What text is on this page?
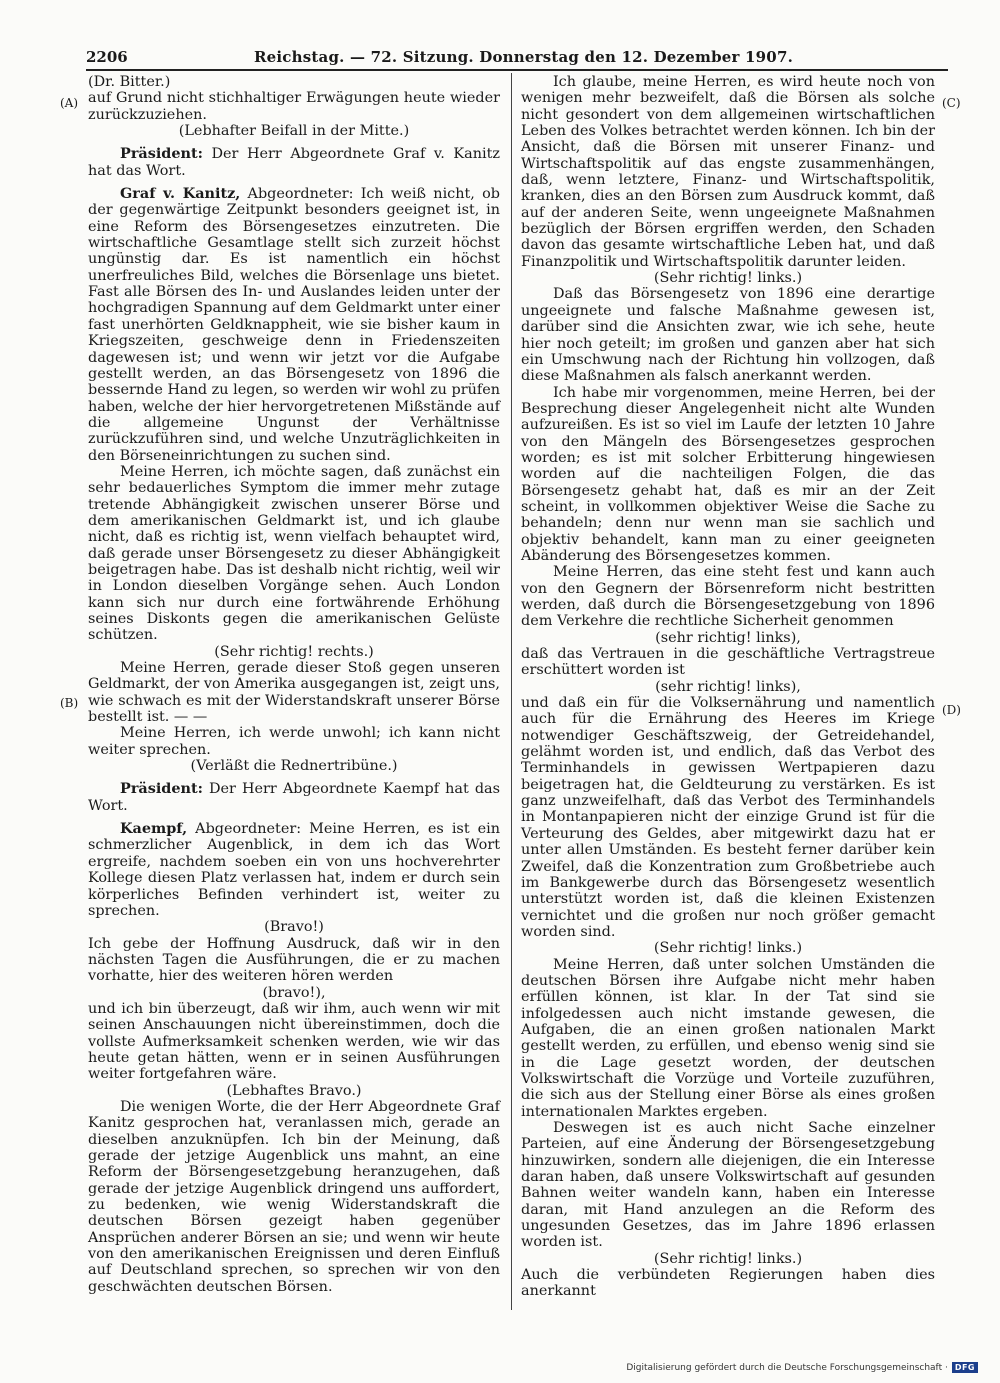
2206	Reichstag. — 72. Sitzung. Donnerstag den 12. Dezember 1907.
(A)
(B)
(C)
(D)

(Dr. Bitter.)

auf Grund nicht stichhaltiger Erwägungen heute wieder zurückzuziehen.

(Lebhafter Beifall in der Mitte.)

Präsident: Der Herr Abgeordnete Graf v. Kanitz hat das Wort.

Graf v. Kanitz, Abgeordneter: Ich weiß nicht, ob der gegenwärtige Zeitpunkt besonders geeignet ist, in eine Reform des Börsengesetzes einzutreten. Die wirtschaftliche Gesamtlage stellt sich zurzeit höchst ungünstig dar. Es ist namentlich ein höchst unerfreuliches Bild, welches die Börsenlage uns bietet. Fast alle Börsen des In- und Auslandes leiden unter der hochgradigen Spannung auf dem Geldmarkt unter einer fast unerhörten Geldknappheit, wie sie bisher kaum in Kriegszeiten, geschweige denn in Friedenszeiten dagewesen ist; und wenn wir jetzt vor die Aufgabe gestellt werden, an das Börsengesetz von 1896 die bessernde Hand zu legen, so werden wir wohl zu prüfen haben, welche der hier hervorgetretenen Mißstände auf die allgemeine Ungunst der Verhältnisse zurückzuführen sind, und welche Unzuträglichkeiten in den Börseneinrichtungen zu suchen sind.

Meine Herren, ich möchte sagen, daß zunächst ein sehr bedauerliches Symptom die immer mehr zutage tretende Abhängigkeit zwischen unserer Börse und dem amerikanischen Geldmarkt ist, und ich glaube nicht, daß es richtig ist, wenn vielfach behauptet wird, daß gerade unser Börsengesetz zu dieser Abhängigkeit beigetragen habe. Das ist deshalb nicht richtig, weil wir in London dieselben Vorgänge sehen. Auch London kann sich nur durch eine fortwährende Erhöhung seines Diskonts gegen die amerikanischen Gelüste schützen.

(Sehr richtig! rechts.)

Meine Herren, gerade dieser Stoß gegen unseren Geldmarkt, der von Amerika ausgegangen ist, zeigt uns, wie schwach es mit der Widerstandskraft unserer Börse bestellt ist. — —

Meine Herren, ich werde unwohl; ich kann nicht weiter sprechen.

(Verläßt die Rednertribüne.)

Präsident: Der Herr Abgeordnete Kaempf hat das Wort.

Kaempf, Abgeordneter: Meine Herren, es ist ein schmerzlicher Augenblick, in dem ich das Wort ergreife, nachdem soeben ein von uns hochverehrter Kollege diesen Platz verlassen hat, indem er durch sein körperliches Befinden verhindert ist, weiter zu sprechen.

(Bravo!)

Ich gebe der Hoffnung Ausdruck, daß wir in den nächsten Tagen die Ausführungen, die er zu machen vorhatte, hier des weiteren hören werden

(bravo!),

und ich bin überzeugt, daß wir ihm, auch wenn wir mit seinen Anschauungen nicht übereinstimmen, doch die vollste Aufmerksamkeit schenken werden, wie wir das heute getan hätten, wenn er in seinen Ausführungen weiter fortgefahren wäre.

(Lebhaftes Bravo.)

Die wenigen Worte, die der Herr Abgeordnete Graf Kanitz gesprochen hat, veranlassen mich, gerade an dieselben anzuknüpfen. Ich bin der Meinung, daß gerade der jetzige Augenblick uns mahnt, an eine Reform der Börsengesetzgebung heranzugehen, daß gerade der jetzige Augenblick dringend uns auffordert, zu bedenken, wie wenig Widerstandskraft die deutschen Börsen gezeigt haben gegenüber Ansprüchen anderer Börsen an sie; und wenn wir heute von den amerikanischen Ereignissen und deren Einfluß auf Deutschland sprechen, so sprechen wir von den geschwächten deutschen Börsen.

Ich glaube, meine Herren, es wird heute noch von wenigen mehr bezweifelt, daß die Börsen als solche nicht gesondert von dem allgemeinen wirtschaftlichen Leben des Volkes betrachtet werden können. Ich bin der Ansicht, daß die Börsen mit unserer Finanz- und Wirtschaftspolitik auf das engste zusammenhängen, daß, wenn letztere, Finanz- und Wirtschaftspolitik, kranken, dies an den Börsen zum Ausdruck kommt, daß auf der anderen Seite, wenn ungeeignete Maßnahmen bezüglich der Börsen ergriffen werden, den Schaden davon das gesamte wirtschaftliche Leben hat, und daß Finanzpolitik und Wirtschaftspolitik darunter leiden.

(Sehr richtig! links.)

Daß das Börsengesetz von 1896 eine derartige ungeeignete und falsche Maßnahme gewesen ist, darüber sind die Ansichten zwar, wie ich sehe, heute hier noch geteilt; im großen und ganzen aber hat sich ein Umschwung nach der Richtung hin vollzogen, daß diese Maßnahmen als falsch anerkannt werden.

Ich habe mir vorgenommen, meine Herren, bei der Besprechung dieser Angelegenheit nicht alte Wunden aufzureißen. Es ist so viel im Laufe der letzten 10 Jahre von den Mängeln des Börsengesetzes gesprochen worden; es ist mit solcher Erbitterung hingewiesen worden auf die nachteiligen Folgen, die das Börsengesetz gehabt hat, daß es mir an der Zeit scheint, in vollkommen objektiver Weise die Sache zu behandeln; denn nur wenn man sie sachlich und objektiv behandelt, kann man zu einer geeigneten Abänderung des Börsengesetzes kommen.

Meine Herren, das eine steht fest und kann auch von den Gegnern der Börsenreform nicht bestritten werden, daß durch die Börsengesetzgebung von 1896 dem Verkehre die rechtliche Sicherheit genommen

(sehr richtig! links),

daß das Vertrauen in die geschäftliche Vertragstreue erschüttert worden ist

(sehr richtig! links),

und daß ein für die Volksernährung und namentlich auch für die Ernährung des Heeres im Kriege notwendiger Geschäftszweig, der Getreidehandel, gelähmt worden ist, und endlich, daß das Verbot des Terminhandels in gewissen Wertpapieren dazu beigetragen hat, die Geldteurung zu verstärken. Es ist ganz unzweifelhaft, daß das Verbot des Terminhandels in Montanpapieren nicht der einzige Grund ist für die Verteurung des Geldes, aber mitgewirkt dazu hat er unter allen Umständen. Es besteht ferner darüber kein Zweifel, daß die Konzentration zum Großbetriebe auch im Bankgewerbe durch das Börsengesetz wesentlich unterstützt worden ist, daß die kleinen Existenzen vernichtet und die großen nur noch größer gemacht worden sind.

(Sehr richtig! links.)

Meine Herren, daß unter solchen Umständen die deutschen Börsen ihre Aufgabe nicht mehr haben erfüllen können, ist klar. In der Tat sind sie infolgedessen auch nicht imstande gewesen, die Aufgaben, die an einen großen nationalen Markt gestellt werden, zu erfüllen, und ebenso wenig sind sie in die Lage gesetzt worden, der deutschen Volkswirtschaft die Vorzüge und Vorteile zuzuführen, die sich aus der Stellung einer Börse als eines großen internationalen Marktes ergeben.

Deswegen ist es auch nicht Sache einzelner Parteien, auf eine Änderung der Börsengesetzgebung hinzuwirken, sondern alle diejenigen, die ein Interesse daran haben, daß unsere Volkswirtschaft auf gesunden Bahnen weiter wandeln kann, haben ein Interesse daran, mit Hand anzulegen an die Reform des ungesunden Gesetzes, das im Jahre 1896 erlassen worden ist.

(Sehr richtig! links.)

Auch die verbündeten Regierungen haben dies anerkannt

Digitalisierung gefördert durch die Deutsche Forschungsgemeinschaft · DFG
